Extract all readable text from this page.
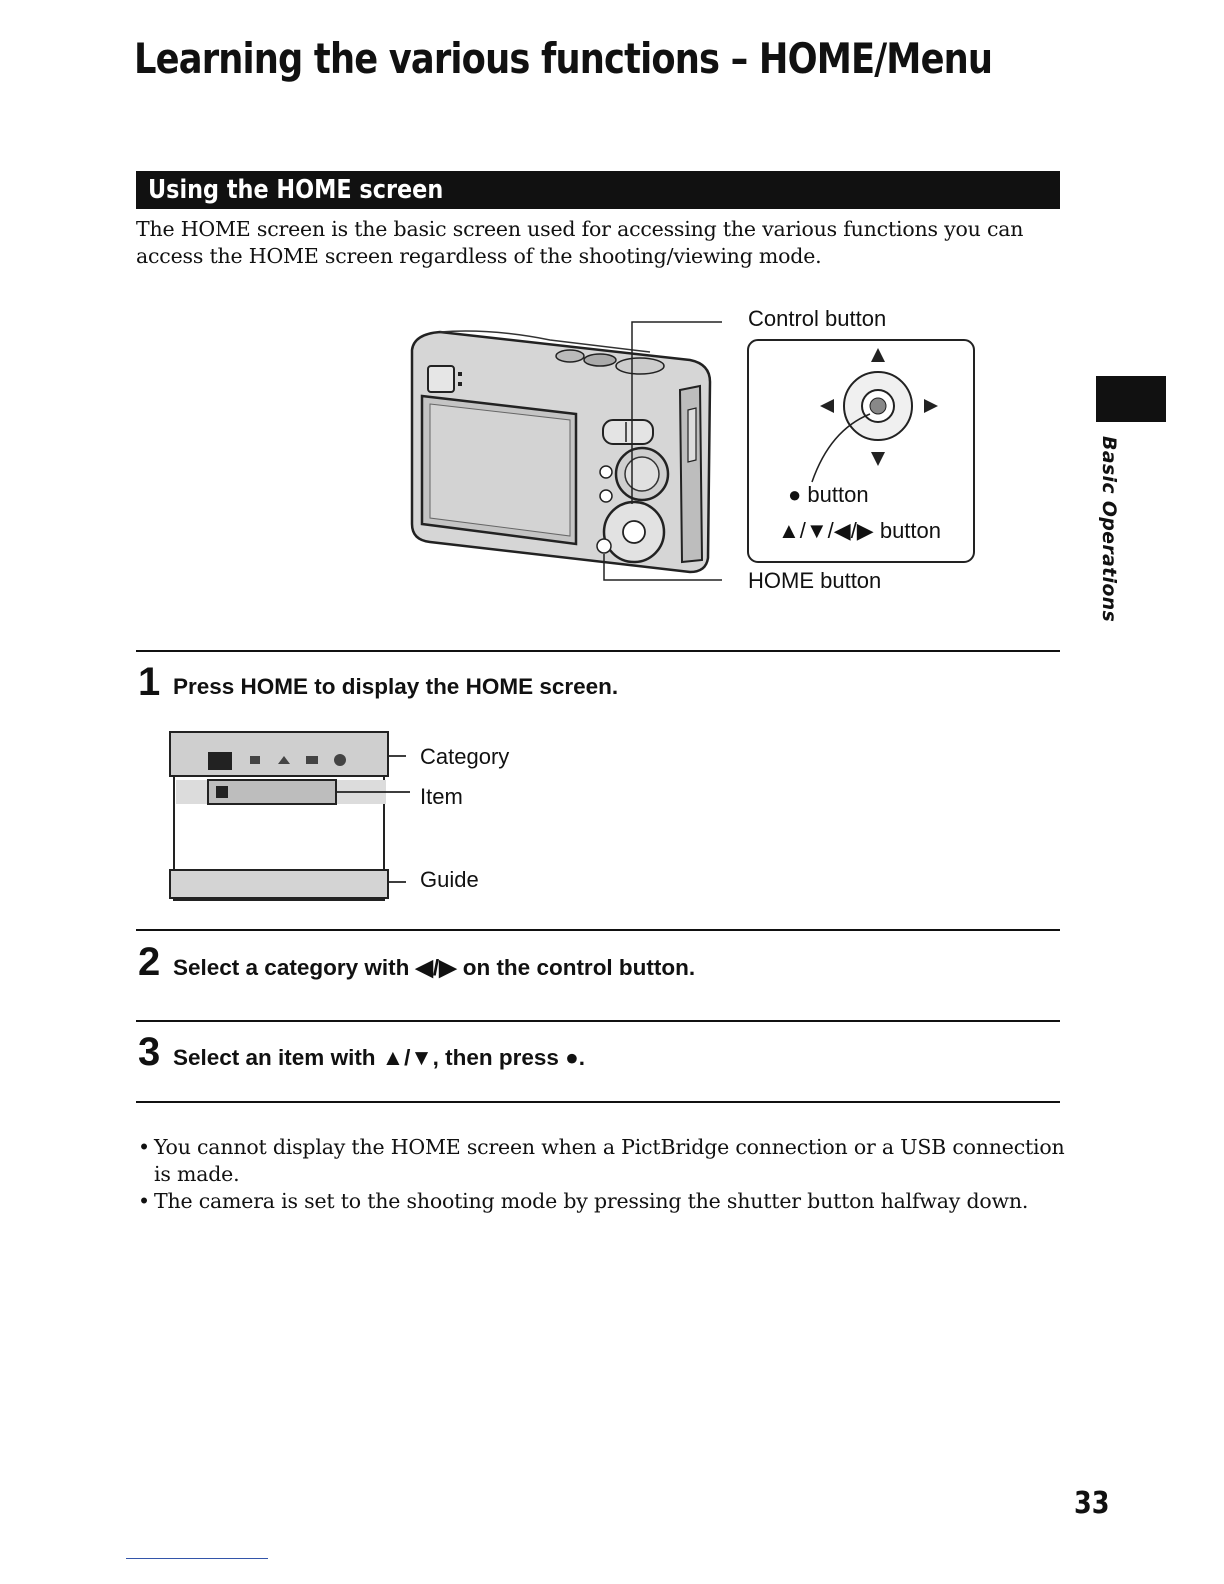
Learning the various functions – HOME/Menu
Using the HOME screen
The HOME screen is the basic screen used for accessing the various functions you can access the HOME screen regardless of the shooting/viewing mode.
Control button
● button
▲/▼/◀/▶ button
HOME button	Basic Operations
1 Press HOME to display the HOME screen.
Category
Item
Guide
2 Select a category with ◀/▶ on the control button.
3 Select an item with ▲/▼, then press ●.
• You cannot display the HOME screen when a PictBridge connection or a USB connection is made.
• The camera is set to the shooting mode by pressing the shutter button halfway down.
33
